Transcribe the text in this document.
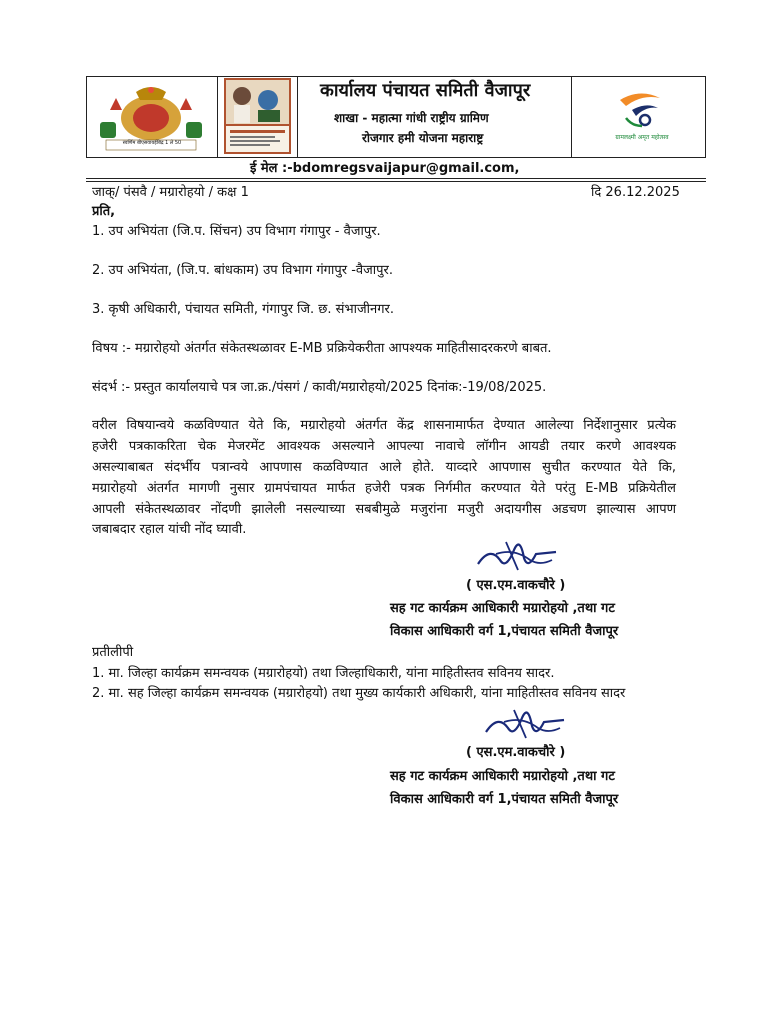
स्वर्णिम बीएसवायईबिंद्र 1 ले 50
कार्यालय पंचायत समिती वैजापूर
शाखा - महात्मा गांधी राष्ट्रीय ग्रामिण
रोजगार हमी योजना महाराष्ट्र	ग्रामलक्ष्मी अमृत महोत्सव
ई मेल :-bdomregsvaijapur@gmail.com,
जाक्/ पंसवै / मग्रारोहयो / कक्ष 1	दि 26.12.2025
प्रति,
1. उप अभियंता (जि.प. सिंचन) उप विभाग गंगापुर - वैजापुर.
2. उप अभियंता, (जि.प. बांधकाम) उप विभाग गंगापुर -वैजापुर.
3. कृषी अधिकारी, पंचायत समिती, गंगापुर जि. छ. संभाजीनगर.
विषय :- मग्रारोहयो अंतर्गत संकेतस्थळावर E-MB प्रक्रियेकरीता आपश्यक माहितीसादरकरणे बाबत.
संदर्भ :- प्रस्तुत कार्यालयाचे पत्र जा.क्र./पंसगं / कावी/मग्रारोहयो/2025 दिनांक:-19/08/2025.
वरील विषयान्वये कळविण्यात येते कि, मग्रारोहयो अंतर्गत केंद्र शासनामार्फत देण्यात आलेल्या निर्देशानुसार प्रत्येक
हजेरी पत्रकाकरिता चेक मेजरमेंट आवश्यक असल्याने आपल्या नावाचे लॉगीन आयडी तयार करणे आवश्यक
असल्याबाबत संदर्भीय पत्रान्वये आपणास कळविण्यात आले होते. याव्दारे आपणास सुचीत करण्यात येते कि,
मग्रारोहयो अंतर्गत मागणी नुसार ग्रामपंचायत मार्फत हजेरी पत्रक निर्गमीत करण्यात येते परंतु E-MB प्रक्रियेतील
आपली संकेतस्थळावर नोंदणी झालेली नसल्याच्या सबबीमुळे मजुरांना मजुरी अदायगीस अडचण झाल्यास आपण
जबाबदार रहाल यांची नोंद घ्यावी.
( एस.एम.वाकचौरे )
सह गट कार्यक्रम आधिकारी मग्रारोहयो ,तथा गट
विकास आधिकारी वर्ग 1,पंचायत समिती वैजापूर
प्रतीलीपी
1. मा. जिल्हा कार्यक्रम समन्वयक (मग्रारोहयो) तथा जिल्हाधिकारी, यांना माहितीस्तव सविनय सादर.
2. मा. सह जिल्हा कार्यक्रम समन्वयक (मग्रारोहयो) तथा मुख्य कार्यकारी अधिकारी, यांना माहितीस्तव सविनय सादर
( एस.एम.वाकचौरे )
सह गट कार्यक्रम आधिकारी मग्रारोहयो ,तथा गट
विकास आधिकारी वर्ग 1,पंचायत समिती वैजापूर
